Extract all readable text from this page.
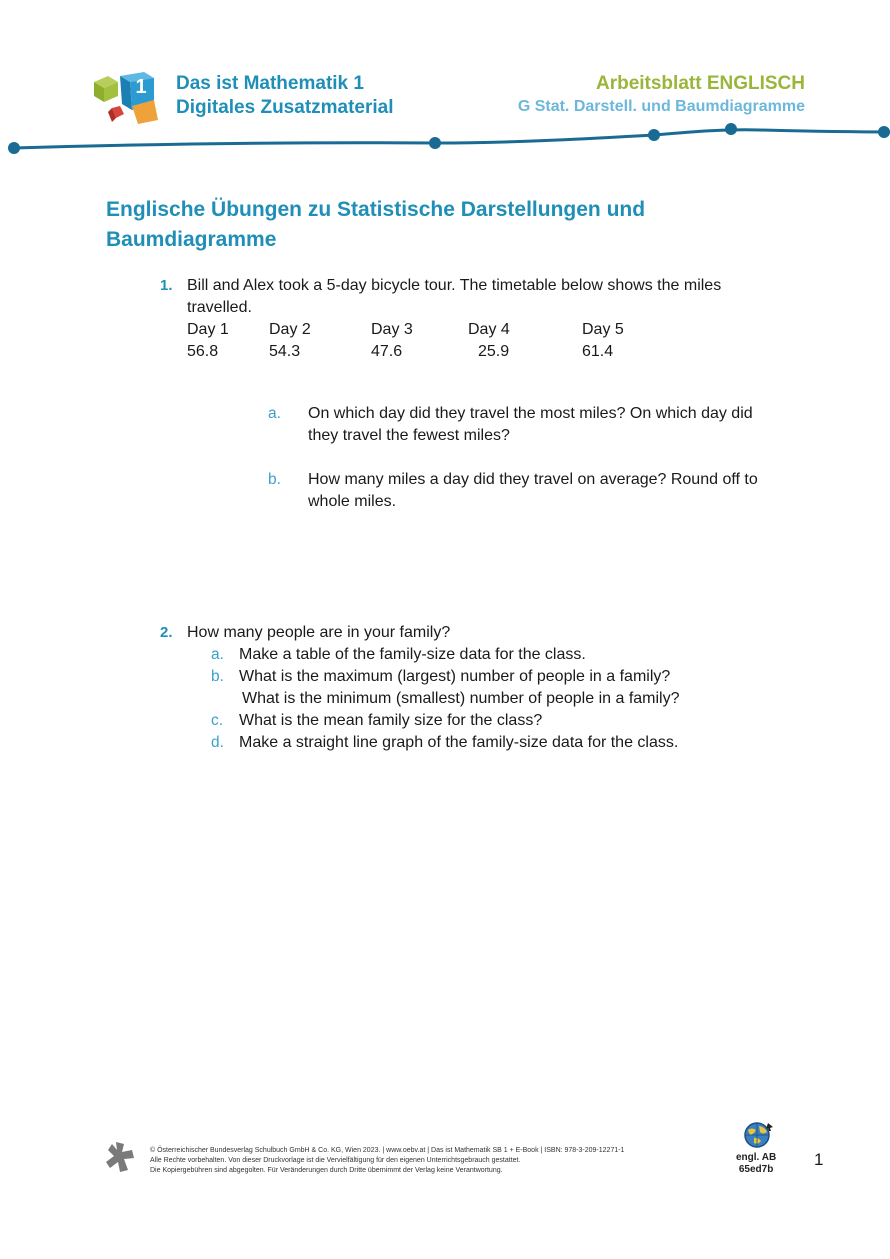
1 Das ist Mathematik 1
Digitales Zusatzmaterial
Arbeitsblatt ENGLISCH
G Stat. Darstell. und Baumdiagramme
Englische Übungen zu Statistische Darstellungen und
Baumdiagramme
1. Bill and Alex took a 5-day bicycle tour. The timetable below shows the miles
travelled.
Day 1	Day 2	Day 3	Day 4	Day 5
56.8	54.3	47.6	25.9	61.4
a. On which day did they travel the most miles? On which day did
they travel the fewest miles?
b. How many miles a day did they travel on average? Round off to
whole miles.
2. How many people are in your family?
a. Make a table of the family-size data for the class.
b. What is the maximum (largest) number of people in a family?
What is the minimum (smallest) number of people in a family?
c. What is the mean family size for the class?
d. Make a straight line graph of the family-size data for the class.
© Österreichischer Bundesverlag Schulbuch GmbH & Co. KG, Wien 2023. | www.oebv.at | Das ist Mathematik SB 1 + E-Book | ISBN: 978-3-209-12271-1
Alle Rechte vorbehalten. Von dieser Druckvorlage ist die Vervielfältigung für den eigenen Unterrichtsgebrauch gestattet.
Die Kopiergebühren sind abgegolten. Für Veränderungen durch Dritte übernimmt der Verlag keine Verantwortung.
engl. AB
65ed7b
1
